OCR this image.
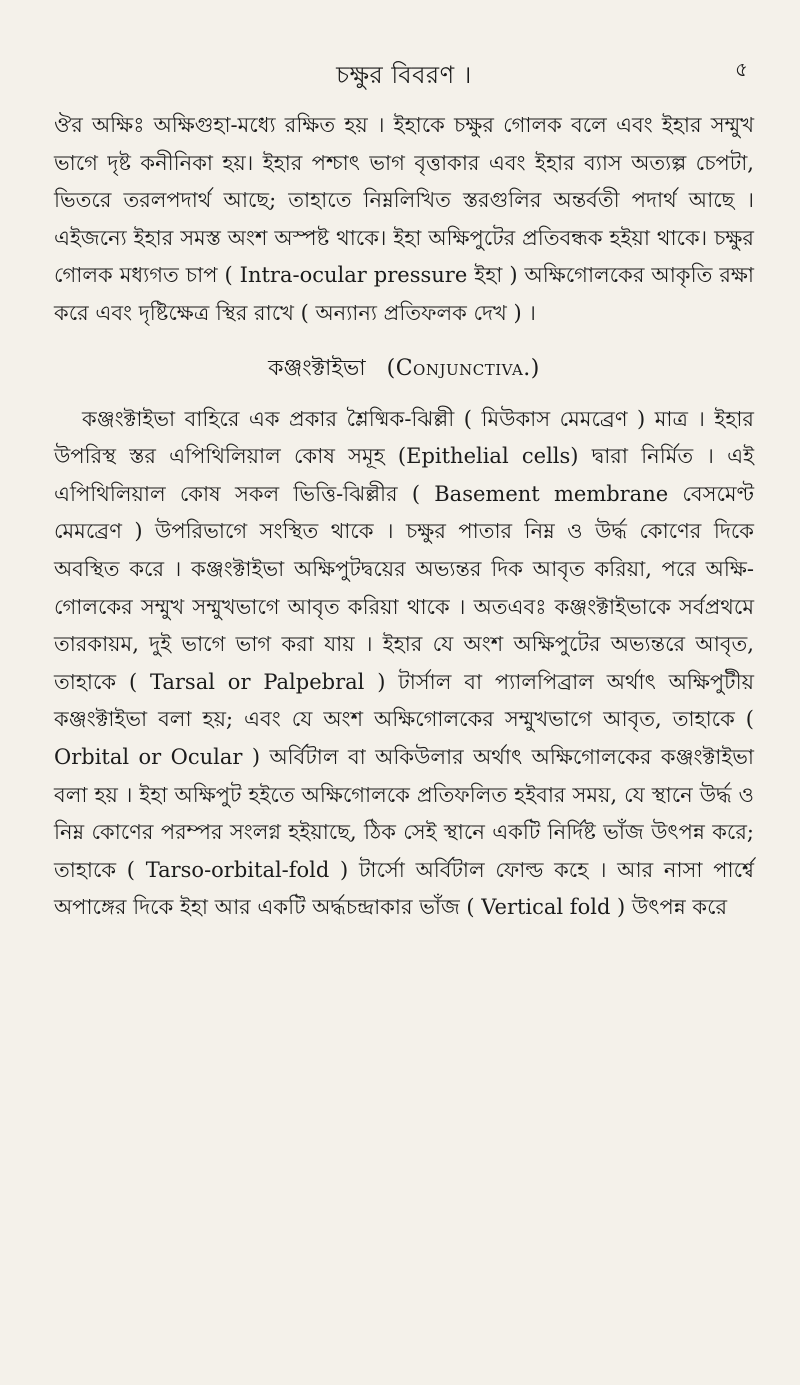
চক্ষুর বিবরণ ।	৫

ঔর অক্ষিঃ অক্ষিগুহা-মধ্যে রক্ষিত হয় । ইহাকে চক্ষুর গোলক বলে এবং ইহার সম্মুখ ভাগে দৃষ্ট কনীনিকা হয়। ইহার পশ্চাৎ ভাগ বৃত্তাকার এবং ইহার ব্যাস অত্যল্প চেপটা, ভিতরে তরলপদার্থ আছে; তাহাতে নিম্নলিখিত স্তরগুলির অন্তর্বতী পদার্থ আছে । এইজন্যে ইহার সমস্ত অংশ অস্পষ্ট থাকে। ইহা অক্ষিপুটের প্রতিবন্ধক হইয়া থাকে। চক্ষুর গোলক মধ্যগত চাপ ( Intra-ocular pressure ইহা ) অক্ষিগোলকের আকৃতি রক্ষা করে এবং দৃষ্টিক্ষেত্র স্থির রাখে ( অন্যান্য প্রতিফলক দেখ ) ।

কঞ্জংক্টাইভা (Conjunctiva.)

কঞ্জংক্টাইভা বাহিরে এক প্রকার শ্লৈষ্মিক-ঝিল্লী ( মিউকাস মেমব্রেণ ) মাত্র । ইহার উপরিস্থ স্তর এপিথিলিয়াল কোষ সমূহ (Epithelial cells) দ্বারা নির্মিত । এই এপিথিলিয়াল কোষ সকল ভিত্তি-ঝিল্লীর ( Basement membrane বেসমেণ্ট মেমব্রেণ ) উপরিভাগে সংস্থিত থাকে । চক্ষুর পাতার নিম্ন ও উর্দ্ধ কোণের দিকে অবস্থিত করে । কঞ্জংক্টাইভা অক্ষিপুটদ্বয়ের অভ্যন্তর দিক আবৃত করিয়া, পরে অক্ষি-গোলকের সম্মুখ সম্মুখভাগে আবৃত করিয়া থাকে । অতএবঃ কঞ্জংক্টাইভাকে সর্বপ্রথমে তারকায়ম, দুই ভাগে ভাগ করা যায় । ইহার যে অংশ অক্ষিপুটের অভ্যন্তরে আবৃত, তাহাকে ( Tarsal or Palpebral ) টার্সাল বা প্যালপিব্রাল অর্থাৎ অক্ষিপুটীয় কঞ্জংক্টাইভা বলা হয়; এবং যে অংশ অক্ষিগোলকের সম্মুখভাগে আবৃত, তাহাকে ( Orbital or Ocular ) অর্বিটাল বা অকিউলার অর্থাৎ অক্ষিগোলকের কঞ্জংক্টাইভা বলা হয় । ইহা অক্ষিপুট হইতে অক্ষিগোলকে প্রতিফলিত হইবার সময়, যে স্থানে উর্দ্ধ ও নিম্ন কোণের পরম্পর সংলগ্ন হইয়াছে, ঠিক সেই স্থানে একটি নির্দিষ্ট ভাঁজ উৎপন্ন করে; তাহাকে ( Tarso-orbital-fold ) টার্সো অর্বিটাল ফোল্ড কহে । আর নাসা পার্শ্বে অপাঙ্গের দিকে ইহা আর একটি অর্দ্ধচন্দ্রাকার ভাঁজ ( Vertical fold ) উৎপন্ন করে
